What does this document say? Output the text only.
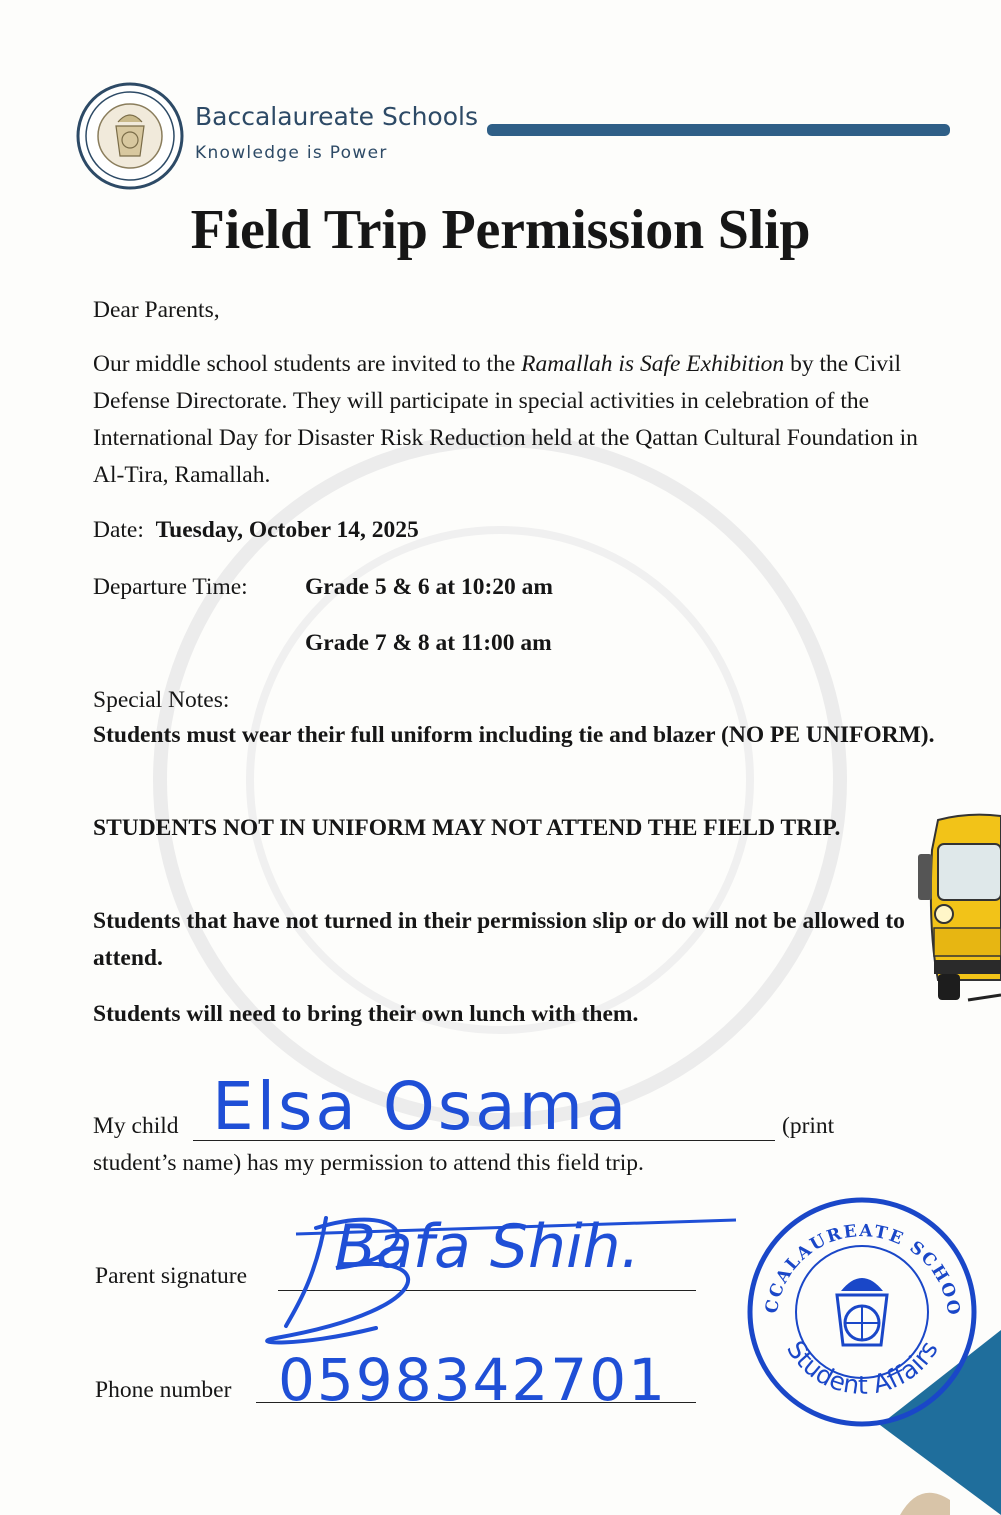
Baccalaureate Schools
Knowledge is Power
Field Trip Permission Slip
Dear Parents,
Our middle school students are invited to the Ramallah is Safe Exhibition by the Civil Defense Directorate. They will participate in special activities in celebration of the International Day for Disaster Risk Reduction held at the Qattan Cultural Foundation in Al-Tira, Ramallah.
Date: Tuesday, October 14, 2025
Departure Time: Grade 5 & 6 at 10:20 am
Grade 7 & 8 at 11:00 am
Special Notes:
Students must wear their full uniform including tie and blazer (NO PE UNIFORM).
STUDENTS NOT IN UNIFORM MAY NOT ATTEND THE FIELD TRIP.
Students that have not turned in their permission slip or do will not be allowed to attend.
Students will need to bring their own lunch with them.
My child Elsa Osama	(print
student’s name) has my permission to attend this field trip.
Parent signature Bafa Shih.
Phone number 0598342701
CCALAUREATE SCHOO
Student Affairs
